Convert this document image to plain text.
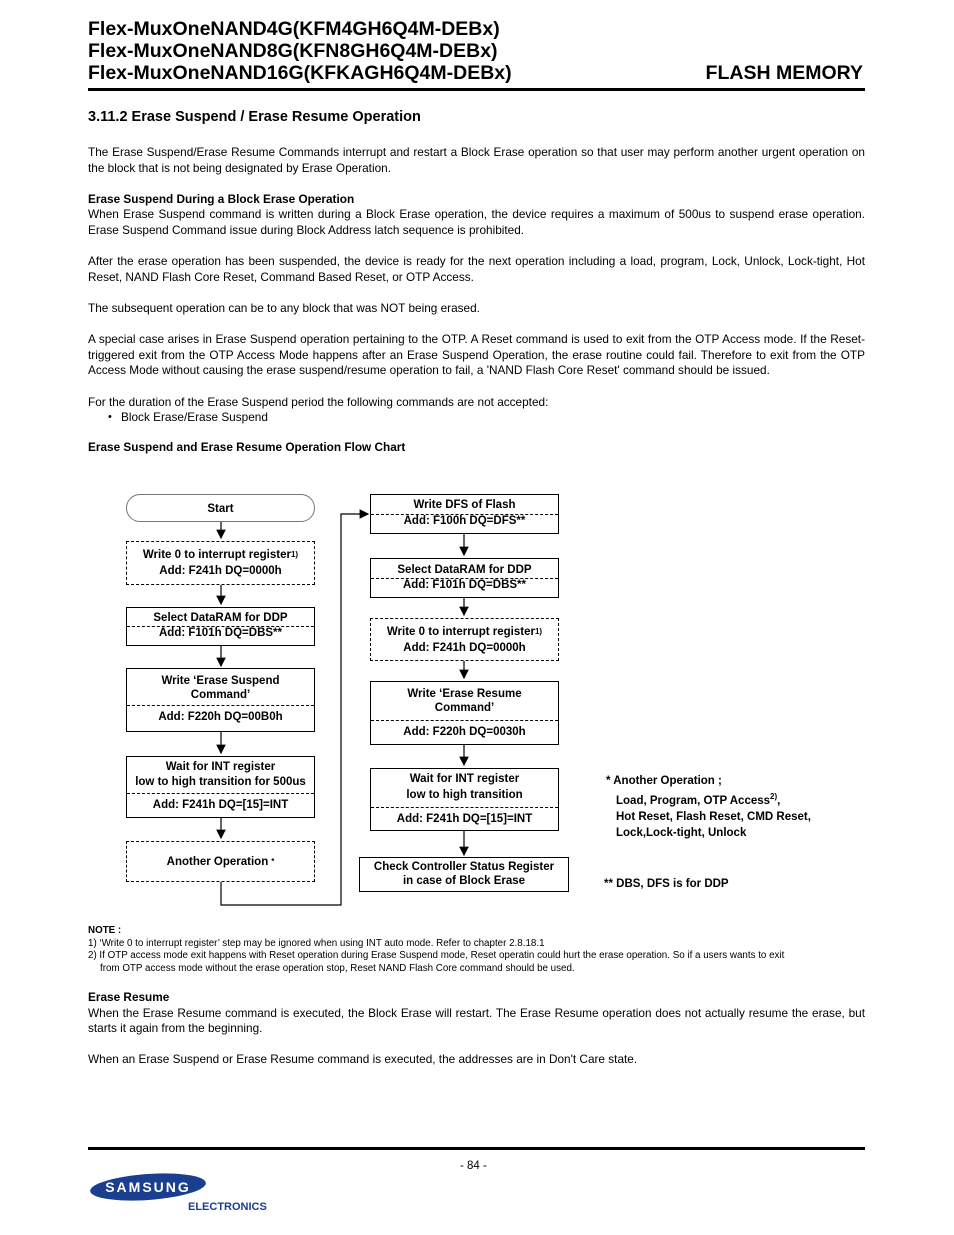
Flex-MuxOneNAND4G(KFM4GH6Q4M-DEBx)
Flex-MuxOneNAND8G(KFN8GH6Q4M-DEBx)
Flex-MuxOneNAND16G(KFKAGH6Q4M-DEBx)	FLASH MEMORY
3.11.2 Erase Suspend / Erase Resume Operation

The Erase Suspend/Erase Resume Commands interrupt and restart a Block Erase operation so that user may perform another urgent operation on the block that is not being designated by Erase Operation.

Erase Suspend During a Block Erase Operation

When Erase Suspend command is written during a Block Erase operation, the device requires a maximum of 500us to suspend erase operation. Erase Suspend Command issue during Block Address latch sequence is prohibited.

After the erase operation has been suspended, the device is ready for the next operation including a load, program, Lock, Unlock, Lock-tight, Hot Reset, NAND Flash Core Reset, Command Based Reset, or OTP Access.

The subsequent operation can be to any block that was NOT being erased.

A special case arises in Erase Suspend operation pertaining to the OTP. A Reset command is used to exit from the OTP Access mode. If the Reset-triggered exit from the OTP Access Mode happens after an Erase Suspend Operation, the erase routine could fail. Therefore to exit from the OTP Access Mode without causing the erase suspend/resume operation to fail, a 'NAND Flash Core Reset' command should be issued.

For the duration of the Erase Suspend period the following commands are not accepted:

• Block Erase/Erase Suspend

Erase Suspend and Erase Resume Operation Flow Chart

Start
Write 0 to interrupt register 1)
Add: F241h DQ=0000h
Select DataRAM for DDP
Add: F101h DQ=DBS**
Write ‘Erase Suspend
Command’
Add: F220h DQ=00B0h
Wait for INT register
low to high transition for 500us
Add: F241h DQ=[15]=INT
Another Operation *
Write DFS of Flash
Add: F100h DQ=DFS**
Select DataRAM for DDP
Add: F101h DQ=DBS**
Write 0 to interrupt register 1)
Add: F241h DQ=0000h
Write ‘Erase Resume
Command’
Add: F220h DQ=0030h
Wait for INT register
low to high transition
Add: F241h DQ=[15]=INT
Check Controller Status Register
in case of Block Erase
* Another Operation ;
Load, Program, OTP Access$^{2)}$,
Hot Reset, Flash Reset, CMD Reset,
Lock,Lock-tight, Unlock
** DBS, DFS is for DDP
NOTE :
1) ‘Write 0 to interrupt register’ step may be ignored when using INT auto mode. Refer to chapter 2.8.18.1
2) If OTP access mode exit happens with Reset operation during Erase Suspend mode, Reset operatin could hurt the erase operation. So if a users wants to exit
from OTP access mode without the erase operation stop, Reset NAND Flash Core command should be used.
Erase Resume

When the Erase Resume command is executed, the Block Erase will restart. The Erase Resume operation does not actually resume the erase, but starts it again from the beginning.

When an Erase Suspend or Erase Resume command is executed, the addresses are in Don't Care state.

- 84 -
SAMSUNG
ELECTRONICS
